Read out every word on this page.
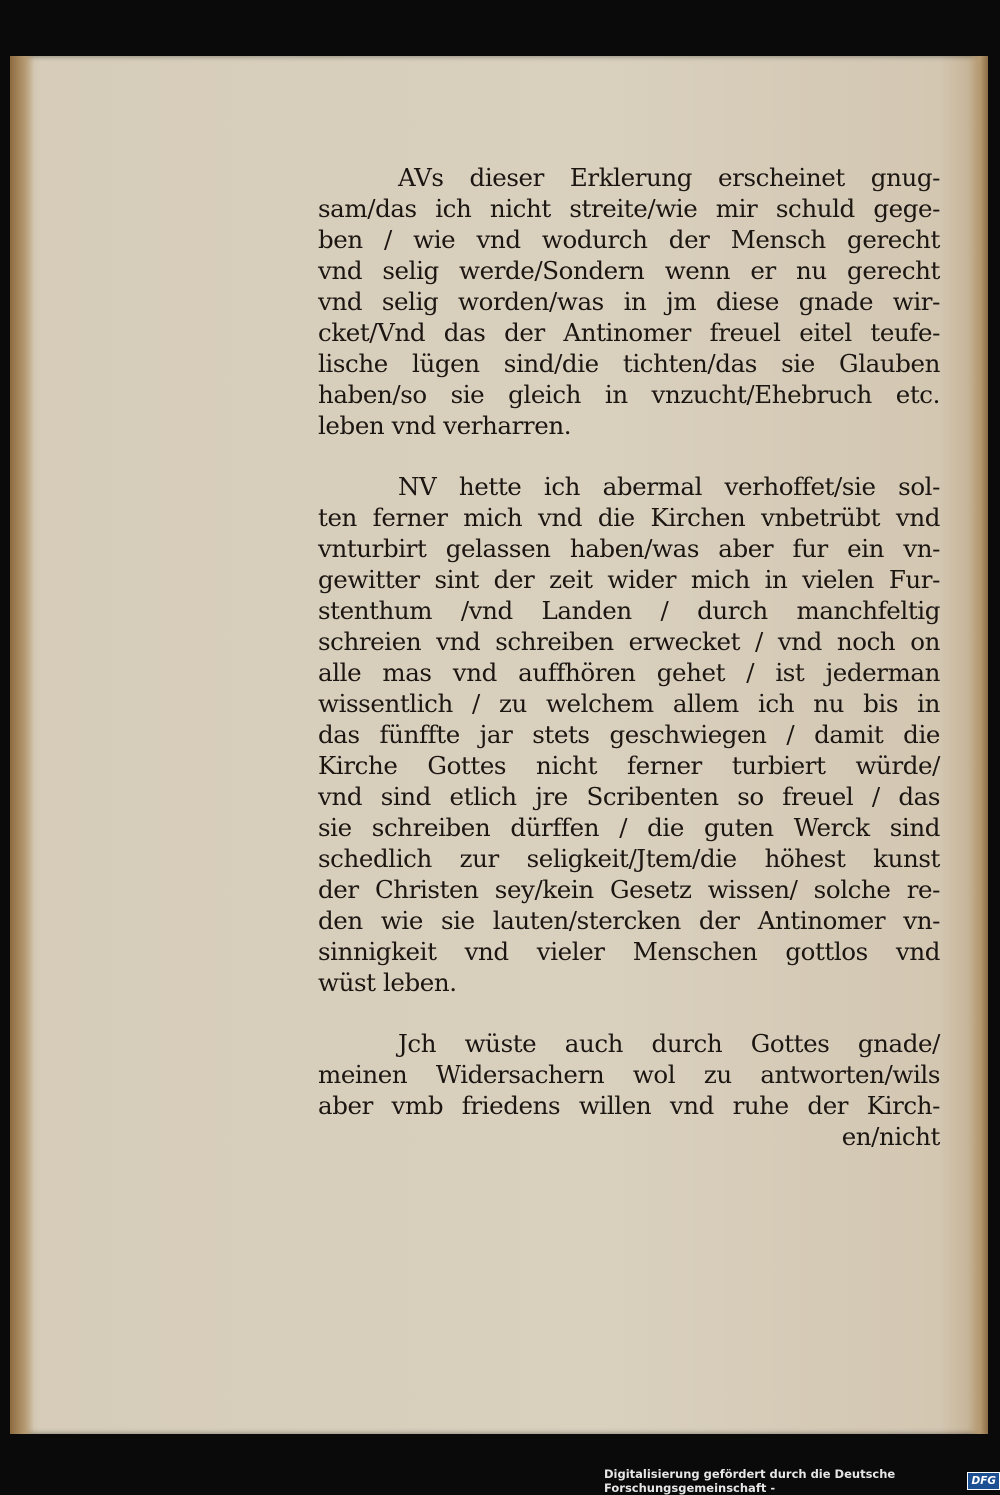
AVs dieser Erklerung erscheinet gnug-
sam/das ich nicht streite/wie mir schuld gege-
ben / wie vnd wodurch der Mensch gerecht
vnd selig werde/Sondern wenn er nu gerecht
vnd selig worden/was in jm diese gnade wir-
cket/Vnd das der Antinomer freuel eitel teufe-
lische lügen sind/die tichten/das sie Glauben
haben/so sie gleich in vnzucht/Ehebruch etc.
leben vnd verharren.
NV hette ich abermal verhoffet/sie sol-
ten ferner mich vnd die Kirchen vnbetrübt vnd
vnturbirt gelassen haben/was aber fur ein vn-
gewitter sint der zeit wider mich in vielen Fur-
stenthum /vnd Landen / durch manchfeltig
schreien vnd schreiben erwecket / vnd noch on
alle mas vnd auffhören gehet / ist jederman
wissentlich / zu welchem allem ich nu bis in
das fünffte jar stets geschwiegen / damit die
Kirche Gottes nicht ferner turbiert würde/
vnd sind etlich jre Scribenten so freuel / das
sie schreiben dürffen / die guten Werck sind
schedlich zur seligkeit/Jtem/die höhest kunst
der Christen sey/kein Gesetz wissen/ solche re-
den wie sie lauten/stercken der Antinomer vn-
sinnigkeit vnd vieler Menschen gottlos vnd
wüst leben.
Jch wüste auch durch Gottes gnade/
meinen Widersachern wol zu antworten/wils
aber vmb friedens willen vnd ruhe der Kirch-
en/nicht
Digitalisierung gefördert durch die Deutsche Forschungsgemeinschaft -	DFG
